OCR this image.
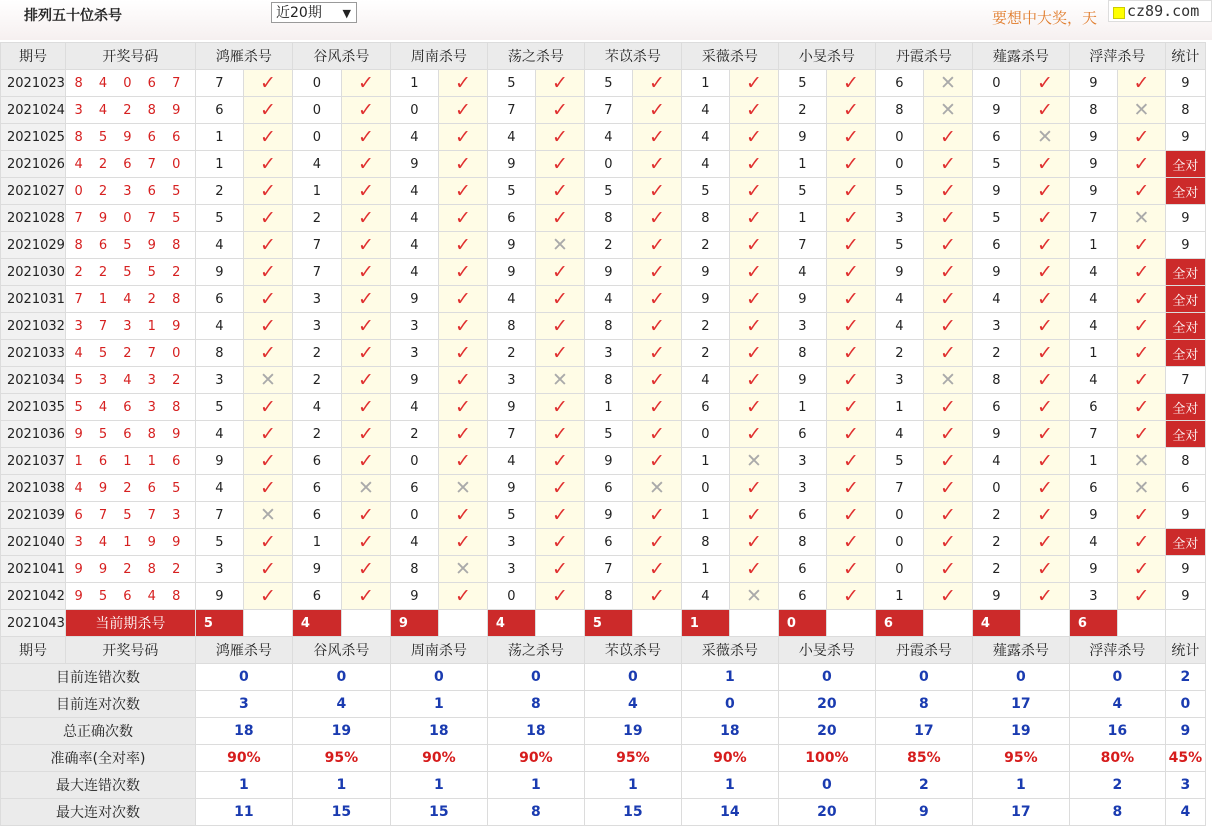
排列五十位杀号	近20期 ▼	要想中大奖，天 cz89.com
期号	开奖号码	鸿雁杀号		谷风杀号		周南杀号		荡之杀号		芣苡杀号		采薇杀号		小旻杀号		丹霞杀号		薤露杀号		浮萍杀号		统计
2021023	8 4 0 6 7	7	✓	0	✓	1	✓	5	✓	5	✓	1	✓	5	✓	6	✕	0	✓	9	✓	9
2021024	3 4 2 8 9	6	✓	0	✓	0	✓	7	✓	7	✓	4	✓	2	✓	8	✕	9	✓	8	✕	8
2021025	8 5 9 6 6	1	✓	0	✓	4	✓	4	✓	4	✓	4	✓	9	✓	0	✓	6	✕	9	✓	9
2021026	4 2 6 7 0	1	✓	4	✓	9	✓	9	✓	0	✓	4	✓	1	✓	0	✓	5	✓	9	✓	全对
2021027	0 2 3 6 5	2	✓	1	✓	4	✓	5	✓	5	✓	5	✓	5	✓	5	✓	9	✓	9	✓	全对
2021028	7 9 0 7 5	5	✓	2	✓	4	✓	6	✓	8	✓	8	✓	1	✓	3	✓	5	✓	7	✕	9
2021029	8 6 5 9 8	4	✓	7	✓	4	✓	9	✕	2	✓	2	✓	7	✓	5	✓	6	✓	1	✓	9
2021030	2 2 5 5 2	9	✓	7	✓	4	✓	9	✓	9	✓	9	✓	4	✓	9	✓	9	✓	4	✓	全对
2021031	7 1 4 2 8	6	✓	3	✓	9	✓	4	✓	4	✓	9	✓	9	✓	4	✓	4	✓	4	✓	全对
2021032	3 7 3 1 9	4	✓	3	✓	3	✓	8	✓	8	✓	2	✓	3	✓	4	✓	3	✓	4	✓	全对
2021033	4 5 2 7 0	8	✓	2	✓	3	✓	2	✓	3	✓	2	✓	8	✓	2	✓	2	✓	1	✓	全对
2021034	5 3 4 3 2	3	✕	2	✓	9	✓	3	✕	8	✓	4	✓	9	✓	3	✕	8	✓	4	✓	7
2021035	5 4 6 3 8	5	✓	4	✓	4	✓	9	✓	1	✓	6	✓	1	✓	1	✓	6	✓	6	✓	全对
2021036	9 5 6 8 9	4	✓	2	✓	2	✓	7	✓	5	✓	0	✓	6	✓	4	✓	9	✓	7	✓	全对
2021037	1 6 1 1 6	9	✓	6	✓	0	✓	4	✓	9	✓	1	✕	3	✓	5	✓	4	✓	1	✕	8
2021038	4 9 2 6 5	4	✓	6	✕	6	✕	9	✓	6	✕	0	✓	3	✓	7	✓	0	✓	6	✕	6
2021039	6 7 5 7 3	7	✕	6	✓	0	✓	5	✓	9	✓	1	✓	6	✓	0	✓	2	✓	9	✓	9
2021040	3 4 1 9 9	5	✓	1	✓	4	✓	3	✓	6	✓	8	✓	8	✓	0	✓	2	✓	4	✓	全对
2021041	9 9 2 8 2	3	✓	9	✓	8	✕	3	✓	7	✓	1	✓	6	✓	0	✓	2	✓	9	✓	9
2021042	9 5 6 4 8	9	✓	6	✓	9	✓	0	✓	8	✓	4	✕	6	✓	1	✓	9	✓	3	✓	9
2021043	当前期杀号	5		4		9		4		5		1		0		6		4		6		
期号	开奖号码	鸿雁杀号		谷风杀号		周南杀号		荡之杀号		芣苡杀号		采薇杀号		小旻杀号		丹霞杀号		薤露杀号		浮萍杀号		统计
目前连错次数		0		0		0		0		0		1		0		0		0		0		2
目前连对次数		3		4		1		8		4		0		20		8		17		4		0
总正确次数		18		19		18		18		19		18		20		17		19		16		9
准确率(全对率)		90%		95%		90%		90%		95%		90%		100%		85%		95%		80%		45%
最大连错次数		1		1		1		1		1		1		0		2		1		2		3
最大连对次数		11		15		15		8		15		14		20		9		17		8		4
